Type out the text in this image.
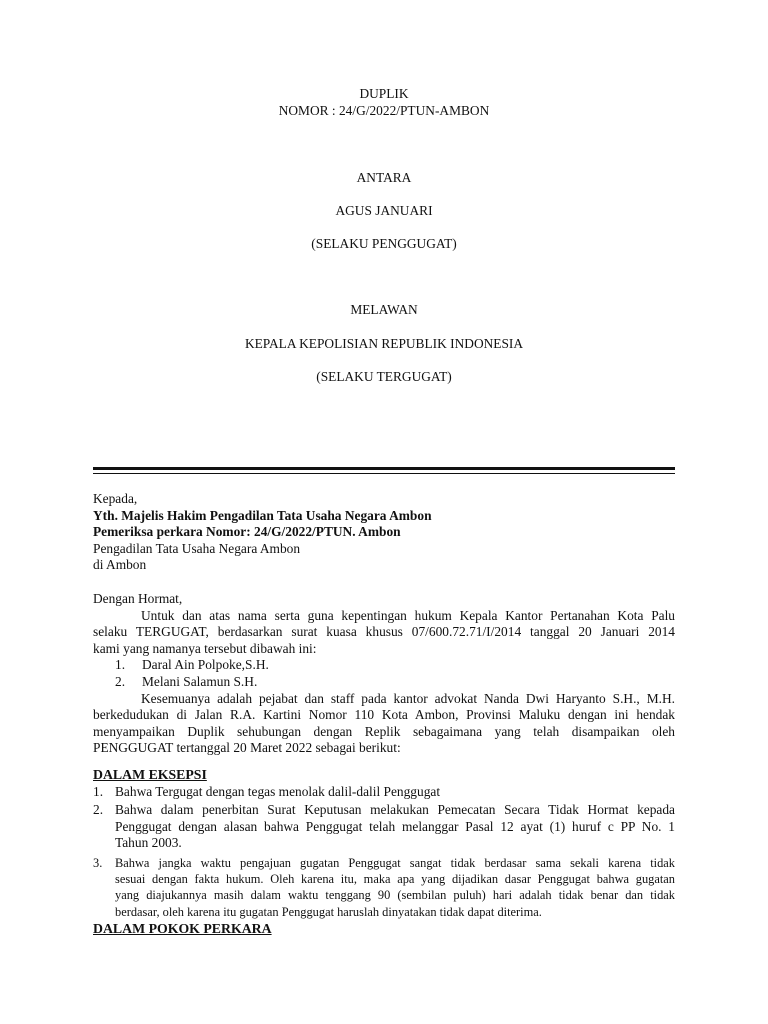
DUPLIK
NOMOR : 24/G/2022/PTUN-AMBON
ANTARA
AGUS JANUARI
(SELAKU PENGGUGAT)
MELAWAN
KEPALA KEPOLISIAN REPUBLIK INDONESIA
(SELAKU TERGUGAT)
Kepada,
Yth. Majelis Hakim Pengadilan Tata Usaha Negara Ambon
Pemeriksa perkara Nomor: 24/G/2022/PTUN. Ambon
Pengadilan Tata Usaha Negara Ambon
di Ambon
Dengan Hormat,
Untuk dan atas nama serta guna kepentingan hukum Kepala Kantor Pertanahan Kota Palu
selaku TERGUGAT, berdasarkan surat kuasa khusus 07/600.72.71/I/2014 tanggal 20 Januari 2014
kami yang namanya tersebut dibawah ini:
1. Daral Ain Polpoke,S.H.
2. Melani Salamun S.H.
Kesemuanya adalah pejabat dan staff pada kantor advokat Nanda Dwi Haryanto S.H., M.H.
berkedudukan di Jalan R.A. Kartini Nomor 110 Kota Ambon, Provinsi Maluku dengan ini hendak
menyampaikan Duplik sehubungan dengan Replik sebagaimana yang telah disampaikan oleh
PENGGUGAT tertanggal 20 Maret 2022 sebagai berikut:
DALAM EKSEPSI
1. Bahwa Tergugat dengan tegas menolak dalil-dalil Penggugat
2. Bahwa dalam penerbitan Surat Keputusan melakukan Pemecatan Secara Tidak Hormat kepada
Penggugat dengan alasan bahwa Penggugat telah melanggar Pasal 12 ayat (1) huruf c PP No. 1
Tahun 2003.
3. Bahwa jangka waktu pengajuan gugatan Penggugat sangat tidak berdasar sama sekali karena tidak
sesuai dengan fakta hukum. Oleh karena itu, maka apa yang dijadikan dasar Penggugat bahwa gugatan
yang diajukannya masih dalam waktu tenggang 90 (sembilan puluh) hari adalah tidak benar dan tidak
berdasar, oleh karena itu gugatan Penggugat haruslah dinyatakan tidak dapat diterima.
DALAM POKOK PERKARA
